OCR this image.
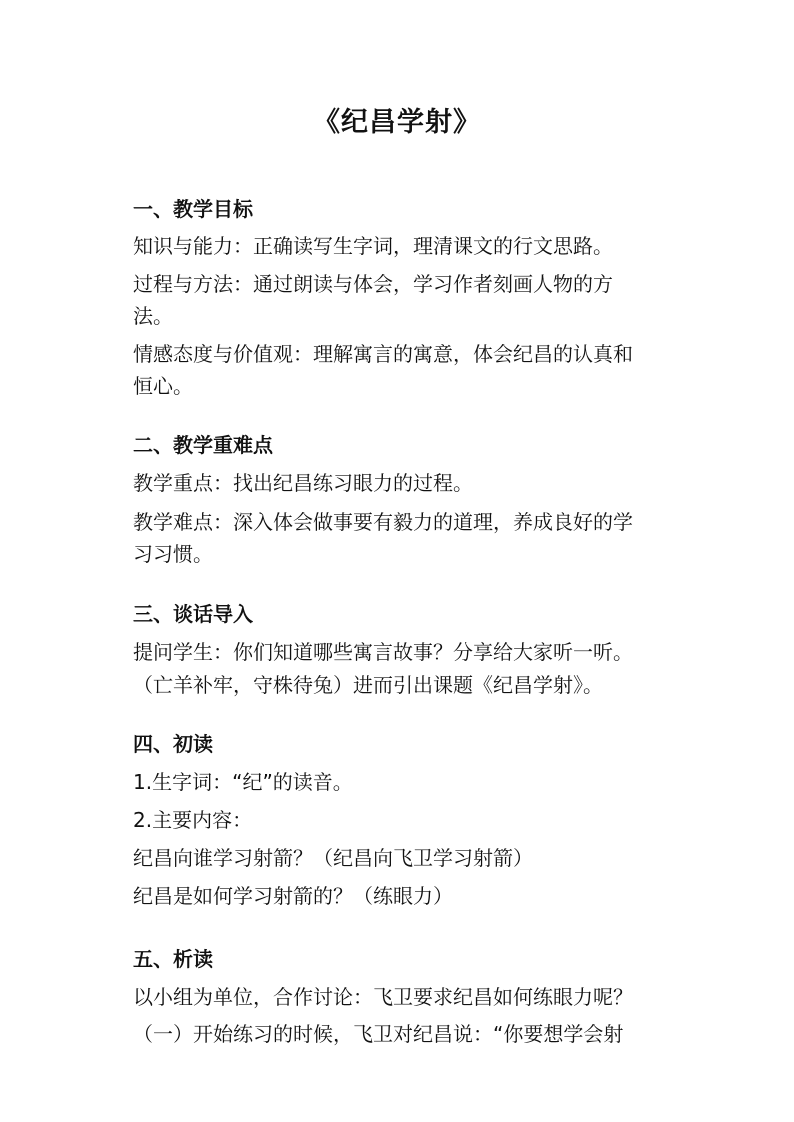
《纪昌学射》
一、教学目标
知识与能力：正确读写生字词，理清课文的行文思路。
过程与方法：通过朗读与体会，学习作者刻画人物的方
法。
情感态度与价值观：理解寓言的寓意，体会纪昌的认真和
恒心。
二、教学重难点
教学重点：找出纪昌练习眼力的过程。
教学难点：深入体会做事要有毅力的道理，养成良好的学
习习惯。
三、谈话导入
提问学生：你们知道哪些寓言故事？分享给大家听一听。
（亡羊补牢，守株待兔）进而引出课题《纪昌学射》。
四、初读
1.生字词：“纪”的读音。
2.主要内容：
纪昌向谁学习射箭？（纪昌向飞卫学习射箭）
纪昌是如何学习射箭的？（练眼力）
五、析读
以小组为单位，合作讨论：飞卫要求纪昌如何练眼力呢？
（一）开始练习的时候，飞卫对纪昌说：“你要想学会射
